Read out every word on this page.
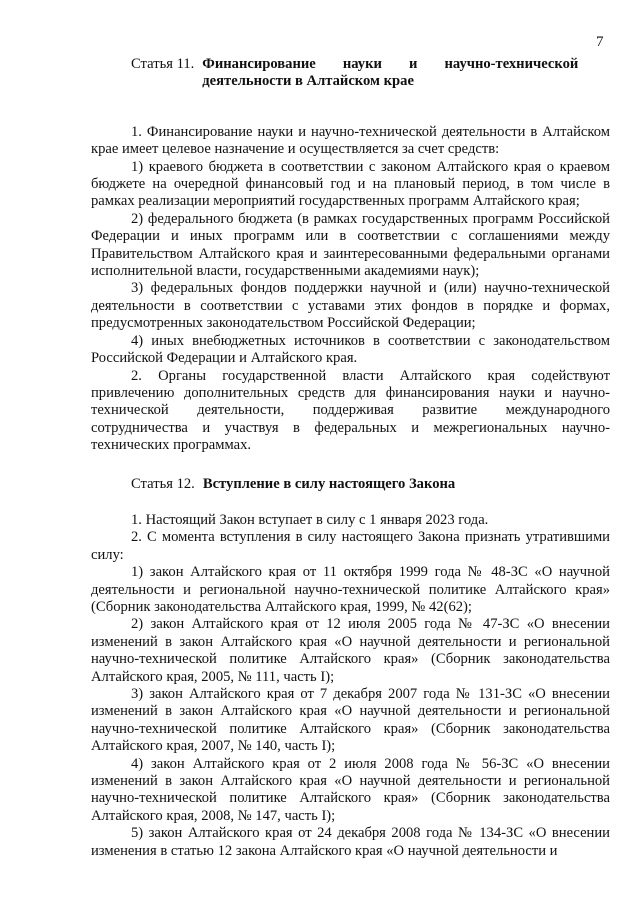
7
Статья 11. Финансирование науки и научно-технической
деятельности в Алтайском крае

1. Финансирование науки и научно-технической деятельности в Алтайском крае имеет целевое назначение и осуществляется за счет средств:

1) краевого бюджета в соответствии с законом Алтайского края о краевом бюджете на очередной финансовый год и на плановый период, в том числе в рамках реализации мероприятий государственных программ Алтайского края;

2) федерального бюджета (в рамках государственных программ Российской Федерации и иных программ или в соответствии с соглашениями между Правительством Алтайского края и заинтересованными федеральными органами исполнительной власти, государственными академиями наук);

3) федеральных фондов поддержки научной и (или) научно-технической деятельности в соответствии с уставами этих фондов в порядке и формах, предусмотренных законодательством Российской Федерации;

4) иных внебюджетных источников в соответствии с законодательством Российской Федерации и Алтайского края.

2. Органы государственной власти Алтайского края содействуют привлечению дополнительных средств для финансирования науки и научно-технической деятельности, поддерживая развитие международного сотрудничества и участвуя в федеральных и межрегиональных научно-технических программах.

Статья 12. Вступление в силу настоящего Закона

1. Настоящий Закон вступает в силу с 1 января 2023 года.

2. С момента вступления в силу настоящего Закона признать утратившими силу:

1) закон Алтайского края от 11 октября 1999 года № 48-ЗС «О научной деятельности и региональной научно-технической политике Алтайского края» (Сборник законодательства Алтайского края, 1999, № 42(62);

2) закон Алтайского края от 12 июля 2005 года № 47-ЗС «О внесении изменений в закон Алтайского края «О научной деятельности и региональной научно-технической политике Алтайского края» (Сборник законодательства Алтайского края, 2005, № 111, часть I);

3) закон Алтайского края от 7 декабря 2007 года № 131-ЗС «О внесении изменений в закон Алтайского края «О научной деятельности и региональной научно-технической политике Алтайского края» (Сборник законодательства Алтайского края, 2007, № 140, часть I);

4) закон Алтайского края от 2 июля 2008 года № 56-ЗС «О внесении изменений в закон Алтайского края «О научной деятельности и региональной научно-технической политике Алтайского края» (Сборник законодательства Алтайского края, 2008, № 147, часть I);

5) закон Алтайского края от 24 декабря 2008 года № 134-ЗС «О внесении изменения в статью 12 закона Алтайского края «О научной деятельности и
